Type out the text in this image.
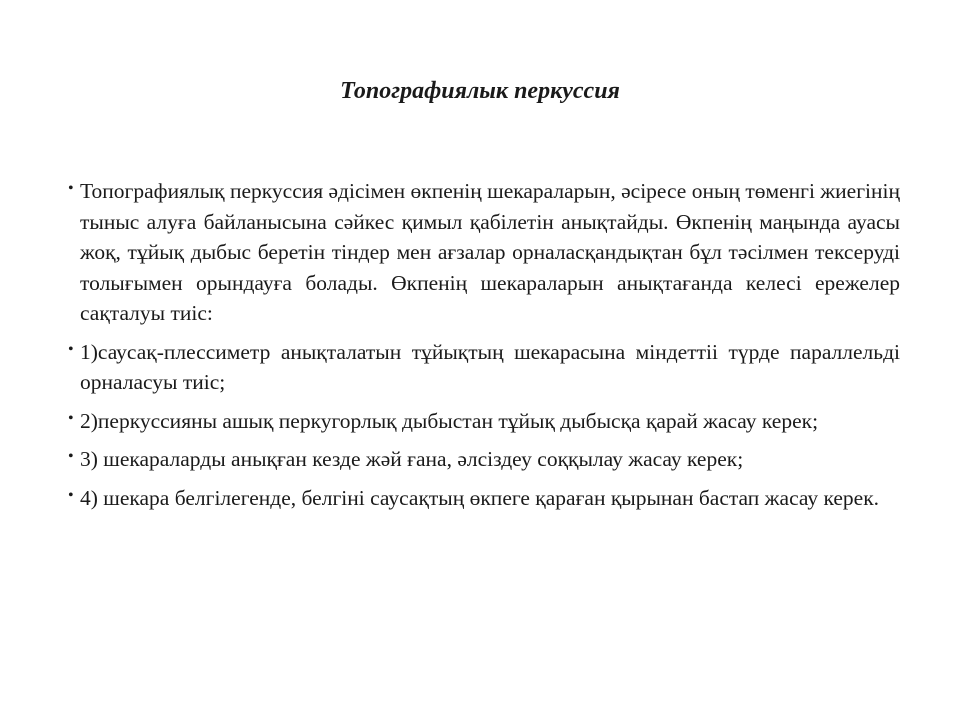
Топографиялык перкуссия
• Топографиялық перкуссия әдісімен өкпенің шекараларын, әсіресе оның төменгі жиегінің тыныс алуға байланысына сәйкес қимыл қабілетін анықтайды. Өкпенің маңында ауасы жоқ, тұйық дыбыс беретін тіндер мен ағзалар орналасқандықтан бұл тәсілмен тексеруді толығымен орындауға болады. Өкпенің шекараларын анықтағанда келесі ережелер сақталуы тиіс:
• 1)саусақ-плессиметр анықталатын тұйықтың шекарасына міндеттіі түрде параллельді орналасуы тиіс;
• 2)перкуссияны ашық перкугорлық дыбыстан тұйық дыбысқа қарай жасау керек;
• 3) шекараларды анықған кезде жәй ғана, әлсіздеу соққылау жасау керек;
• 4) шекара белгілегенде, белгіні саусақтың өкпеге қараған қырынан бастап жасау керек.
